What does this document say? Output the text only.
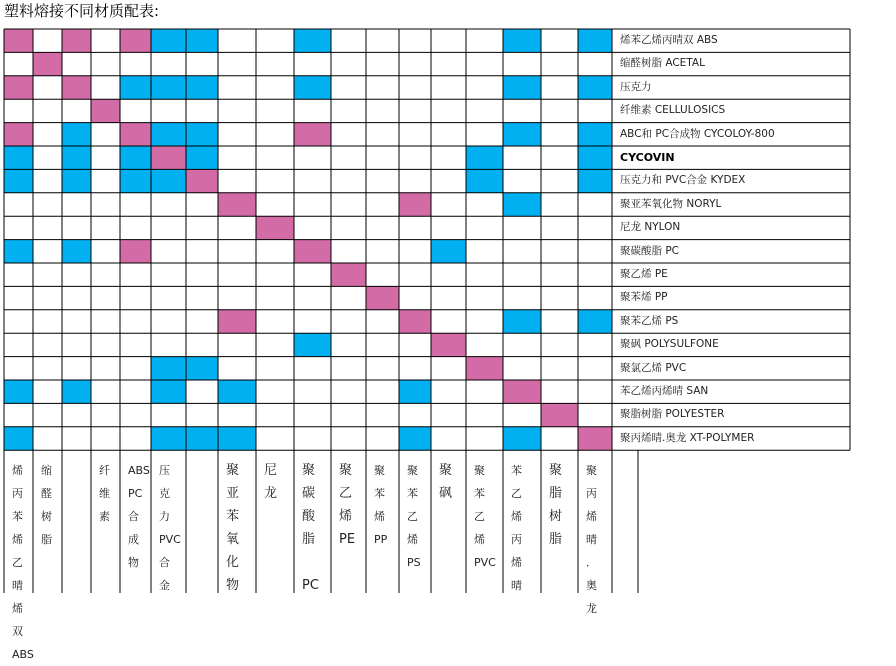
塑料熔接不同材质配表:
烯苯乙烯丙晴双 ABS
缩醛树脂 ACETAL
压克力
纤维素 CELLULOSICS
ABC和 PC合成物 CYCOLOY-800
CYCOVIN
压克力和 PVC合金 KYDEX
聚亚苯氧化物 NORYL
尼龙 NYLON
聚碳酸脂 PC
聚乙烯 PE
聚苯烯 PP
聚苯乙烯 PS
聚砜 POLYSULFONE
聚氯乙烯 PVC
苯乙烯丙烯晴 SAN
聚脂树脂 POLYESTER
聚丙烯晴.奥龙 XT-POLYMER
烯丙
苯烯
乙晴
烯双
ABS
缩
醛
树
脂
纤
维
素
ABS
PC
合
成
物
压
克
力 PVC
合
金
聚
亚
苯
氧
化
物
尼
龙
聚
碳
酸
脂

PC
聚
乙
烯
PE
聚
苯
烯
PP
聚
苯
乙
烯
PS
聚
砜
聚
苯
乙
烯
PVC
苯
乙
烯
丙
烯
晴
聚
脂
树
脂
聚
丙
烯
晴
．
奥
龙
